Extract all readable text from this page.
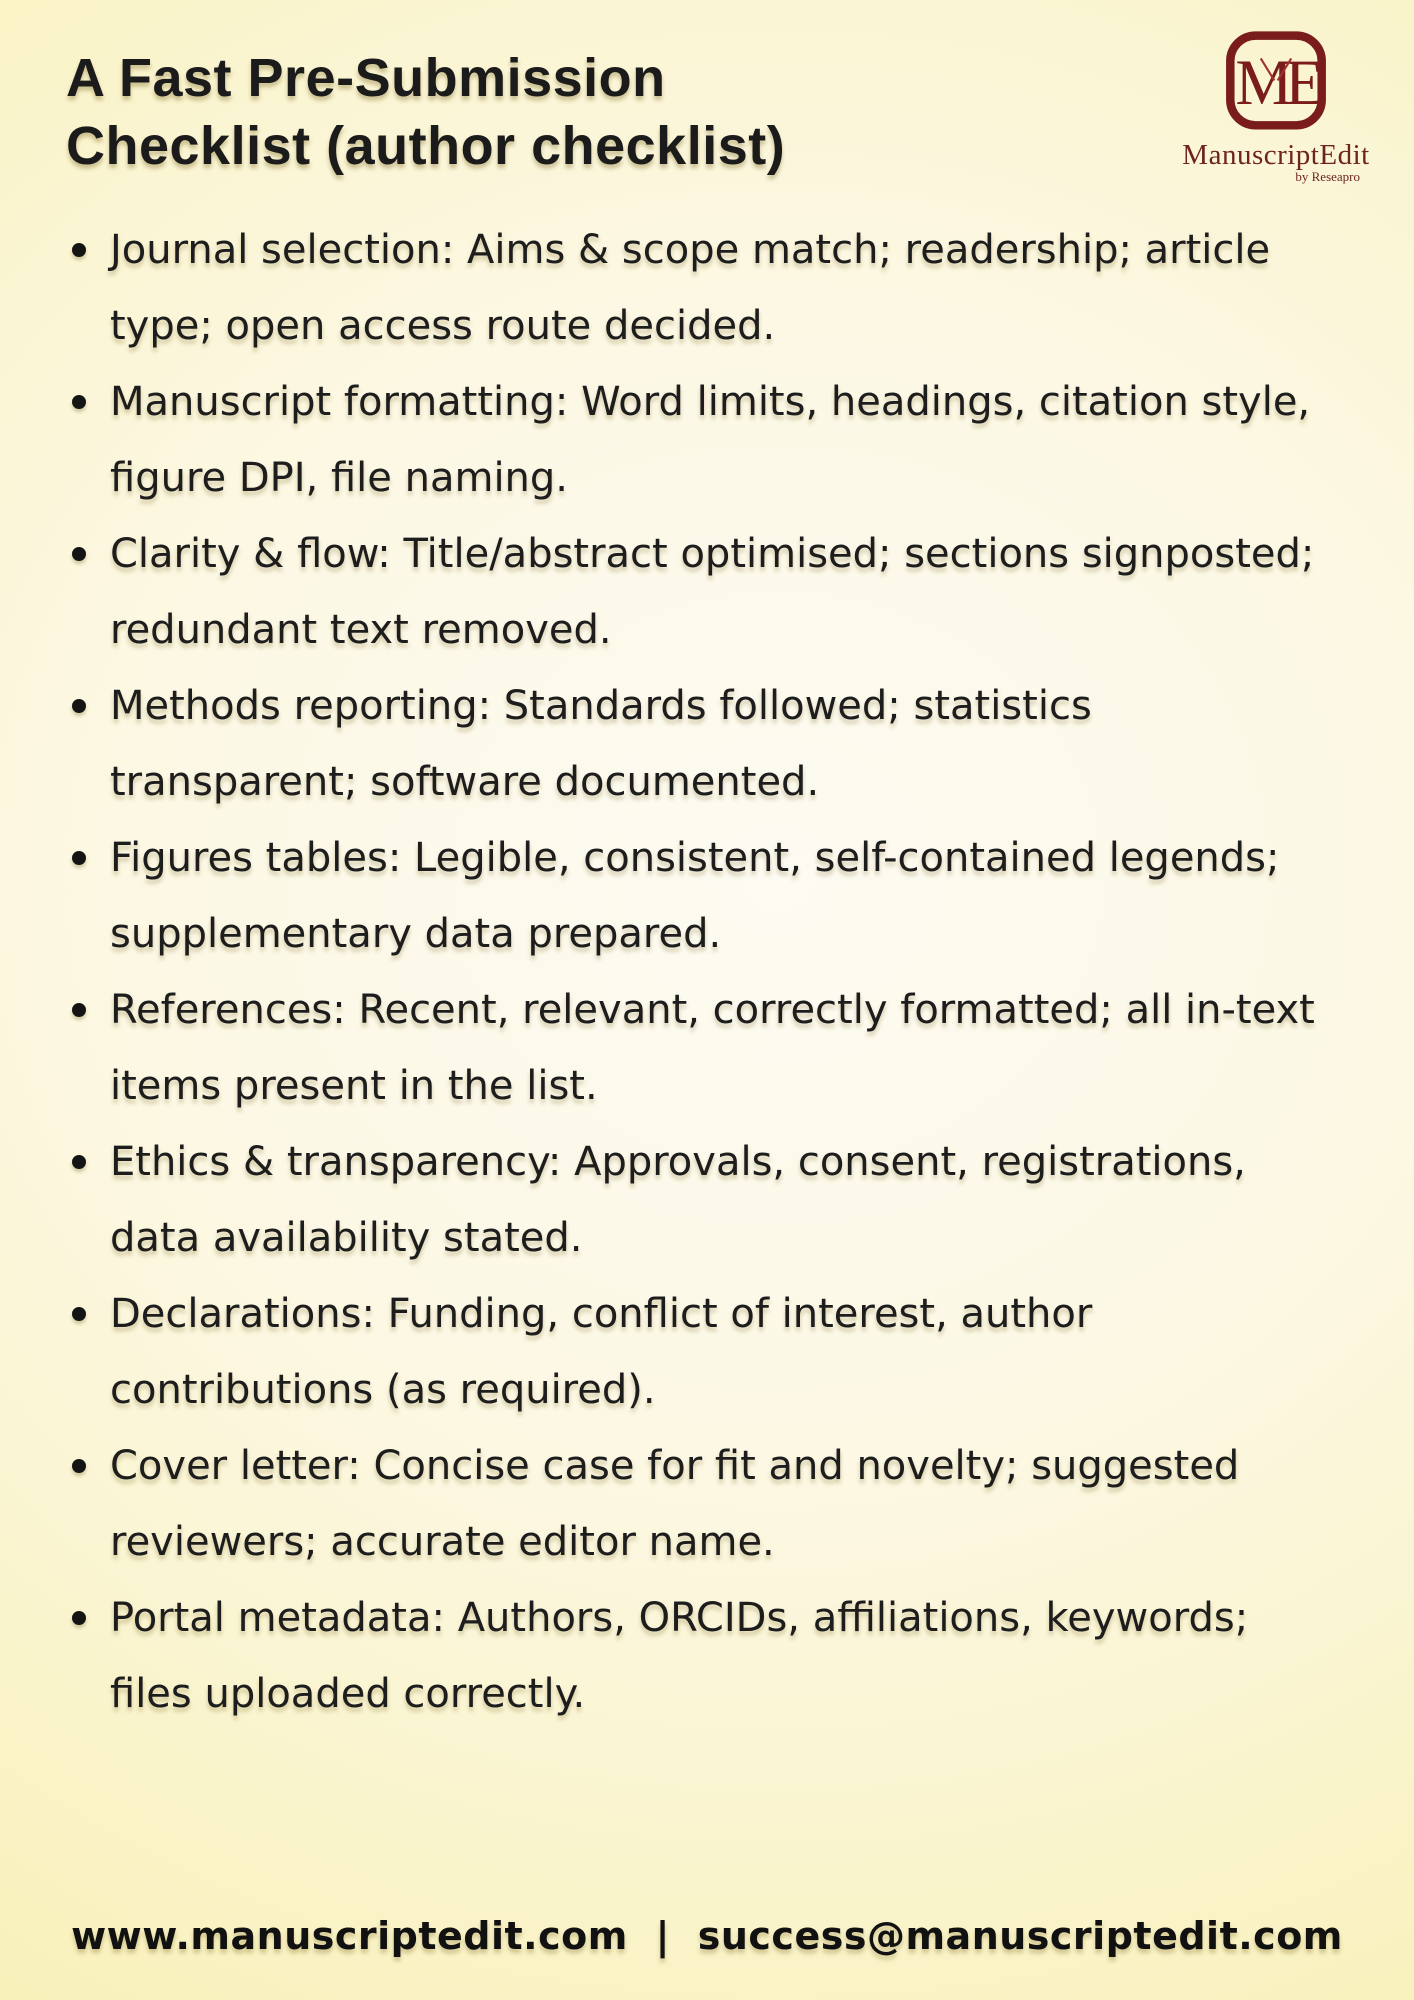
A Fast Pre-Submission
Checklist (author checklist)
ME
ManuscriptEdit
by Reseapro
Journal selection: Aims & scope match; readership; article type; open access route decided.
Manuscript formatting: Word limits, headings, citation style, figure DPI, file naming.
Clarity & flow: Title/abstract optimised; sections signposted; redundant text removed.
Methods reporting: Standards followed; statistics transparent; software documented.
Figures tables: Legible, consistent, self-contained legends; supplementary data prepared.
References: Recent, relevant, correctly formatted; all in-text items present in the list.
Ethics & transparency: Approvals, consent, registrations, data availability stated.
Declarations: Funding, conflict of interest, author contributions (as required).
Cover letter: Concise case for fit and novelty; suggested reviewers; accurate editor name.
Portal metadata: Authors, ORCIDs, affiliations, keywords; files uploaded correctly.
www.manuscriptedit.com | success@manuscriptedit.com
